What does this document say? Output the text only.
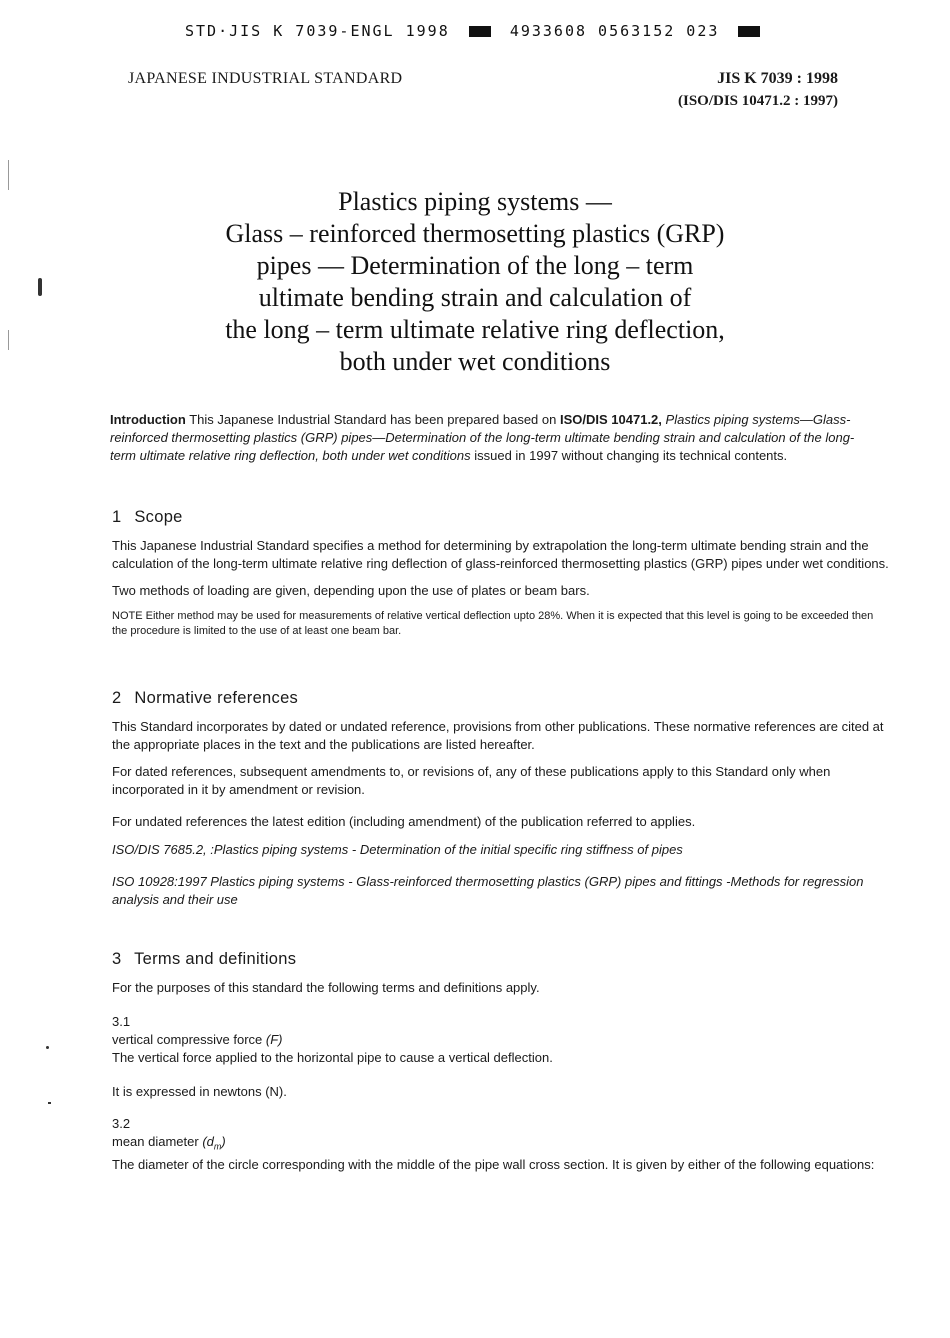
STD·JIS K 7039-ENGL 1998	4933608 0563152 023
JAPANESE INDUSTRIAL STANDARD	JIS K 7039 : 1998
(ISO/DIS 10471.2 : 1997)
Plastics piping systems —
Glass – reinforced thermosetting plastics (GRP)
pipes — Determination of the long – term
ultimate bending strain and calculation of
the long – term ultimate relative ring deflection,
both under wet conditions
Introduction This Japanese Industrial Standard has been prepared based on ISO/DIS 10471.2, Plastics piping systems—Glass-reinforced thermosetting plastics (GRP) pipes—Determination of the long-term ultimate bending strain and calculation of the long-term ultimate relative ring deflection, both under wet conditions issued in 1997 without changing its technical contents.
1 Scope

This Japanese Industrial Standard specifies a method for determining by extrapolation the long-term ultimate bending strain and the calculation of the long-term ultimate relative ring deflection of glass-reinforced thermosetting plastics (GRP) pipes under wet conditions.

Two methods of loading are given, depending upon the use of plates or beam bars.

NOTE Either method may be used for measurements of relative vertical deflection upto 28%. When it is expected that this level is going to be exceeded then the procedure is limited to the use of at least one beam bar.

2 Normative references

This Standard incorporates by dated or undated reference, provisions from other publications. These normative references are cited at the appropriate places in the text and the publications are listed hereafter.

For dated references, subsequent amendments to, or revisions of, any of these publications apply to this Standard only when incorporated in it by amendment or revision.

For undated references the latest edition (including amendment) of the publication referred to applies.

ISO/DIS 7685.2, :Plastics piping systems - Determination of the initial specific ring stiffness of pipes

ISO 10928:1997 Plastics piping systems - Glass-reinforced thermosetting plastics (GRP) pipes and fittings -Methods for regression analysis and their use

3 Terms and definitions

For the purposes of this standard the following terms and definitions apply.

3.1

vertical compressive force (F)

The vertical force applied to the horizontal pipe to cause a vertical deflection.

It is expressed in newtons (N).

3.2

mean diameter $(d_m)$

The diameter of the circle corresponding with the middle of the pipe wall cross section. It is given by either of the following equations:
